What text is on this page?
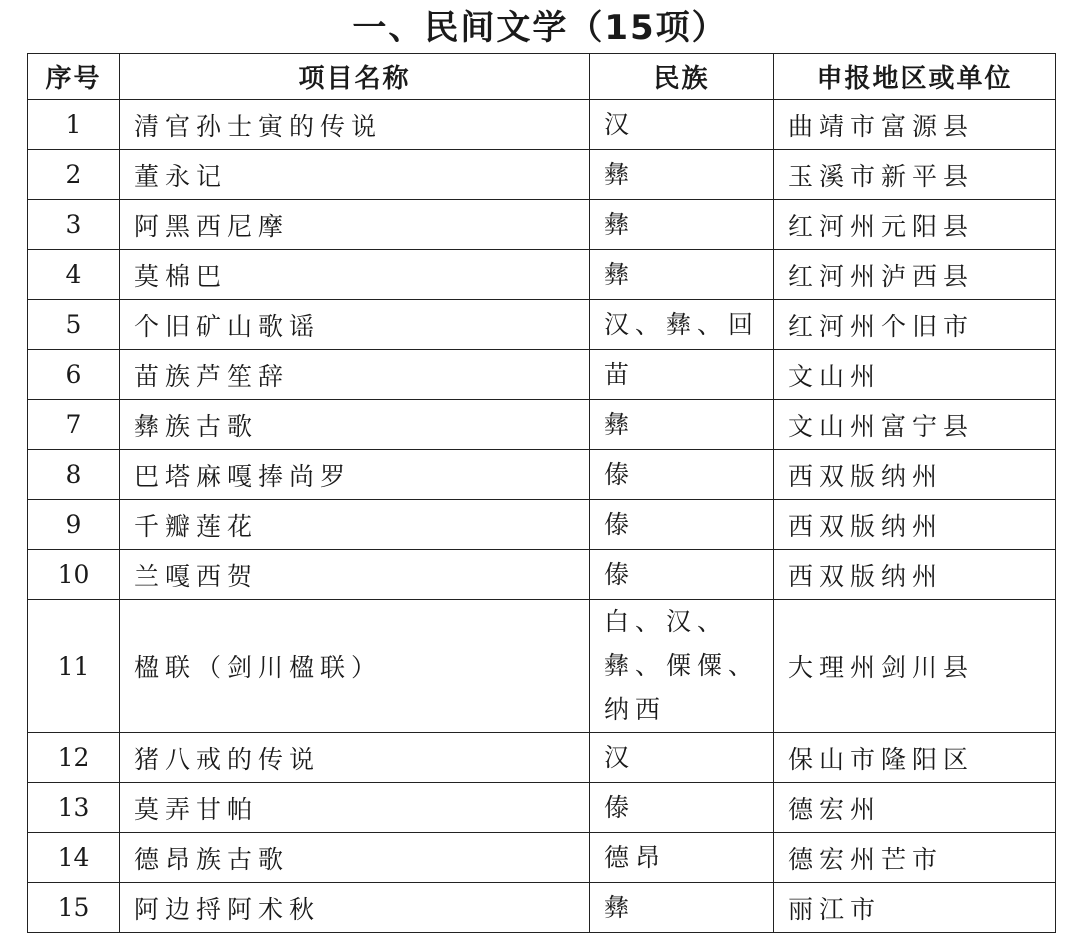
一、民间文学（15项）
序号	项目名称	民族	申报地区或单位
1	清官孙士寅的传说	汉	曲靖市富源县
2	董永记	彝	玉溪市新平县
3	阿黑西尼摩	彝	红河州元阳县
4	莫棉巴	彝	红河州泸西县
5	个旧矿山歌谣	汉、彝、回	红河州个旧市
6	苗族芦笙辞	苗	文山州
7	彝族古歌	彝	文山州富宁县
8	巴塔麻嘎捧尚罗	傣	西双版纳州
9	千瓣莲花	傣	西双版纳州
10	兰嘎西贺	傣	西双版纳州
11	楹联（剑川楹联）	白、汉、彝、傈僳、纳西	大理州剑川县
12	猪八戒的传说	汉	保山市隆阳区
13	莫弄甘帕	傣	德宏州
14	德昂族古歌	德昂	德宏州芒市
15	阿边捋阿术秋	彝	丽江市
